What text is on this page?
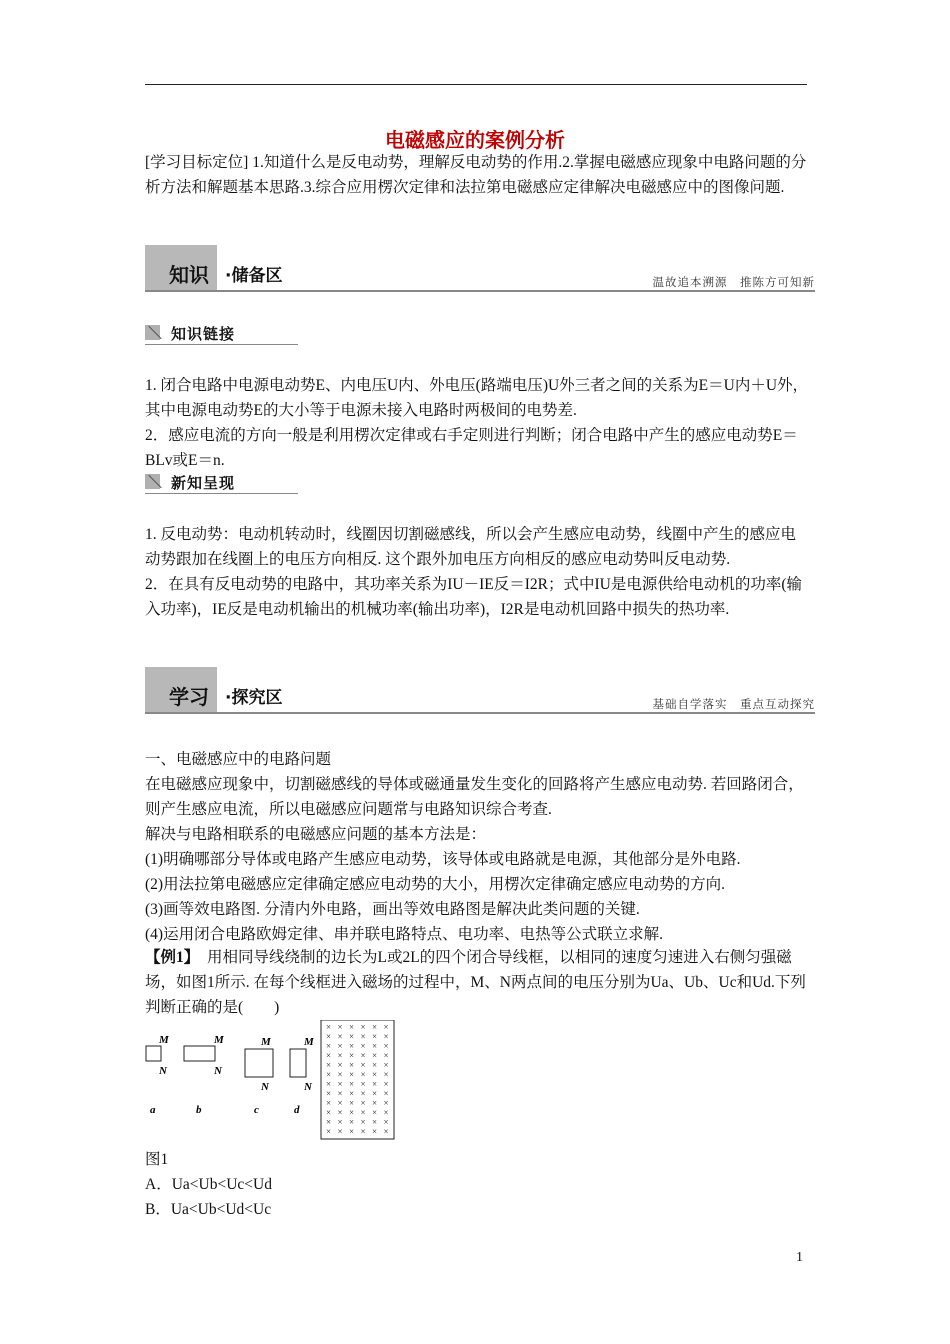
电磁感应的案例分析
[学习目标定位] 1.知道什么是反电动势，理解反电动势的作用.2.掌握电磁感应现象中电路问题的分析方法和解题基本思路.3.综合应用楞次定律和法拉第电磁感应定律解决电磁感应中的图像问题.
知识 ·储备区	温故追本溯源　推陈方可知新
知识链接
1. 闭合电路中电源电动势E、内电压U内、外电压(路端电压)U外三者之间的关系为E＝U内＋U外，其中电源电动势E的大小等于电源未接入电路时两极间的电势差.
2．感应电流的方向一般是利用楞次定律或右手定则进行判断；闭合电路中产生的感应电动势E＝BLv或E＝n.
新知呈现
1. 反电动势：电动机转动时，线圈因切割磁感线，所以会产生感应电动势，线圈中产生的感应电动势跟加在线圈上的电压方向相反. 这个跟外加电压方向相反的感应电动势叫反电动势.
2．在具有反电动势的电路中，其功率关系为IU－IE反＝I2R；式中IU是电源供给电动机的功率(输入功率)，IE反是电动机输出的机械功率(输出功率)，I2R是电动机回路中损失的热功率.
学习 ·探究区	基础自学落实　重点互动探究
一、电磁感应中的电路问题
在电磁感应现象中，切割磁感线的导体或磁通量发生变化的回路将产生感应电动势. 若回路闭合，则产生感应电流，所以电磁感应问题常与电路知识综合考查.
解决与电路相联系的电磁感应问题的基本方法是：
(1)明确哪部分导体或电路产生感应电动势，该导体或电路就是电源，其他部分是外电路.
(2)用法拉第电磁感应定律确定感应电动势的大小，用楞次定律确定感应电动势的方向.
(3)画等效电路图. 分清内外电路，画出等效电路图是解决此类问题的关键.
(4)运用闭合电路欧姆定律、串并联电路特点、电功率、电热等公式联立求解.
【例1】　 用相同导线绕制的边长为L或2L的四个闭合导线框，以相同的速度匀速进入右侧匀强磁场，如图1所示. 在每个线框进入磁场的过程中，M、N两点间的电压分别为Ua、Ub、Uc和Ud.下列判断正确的是(　　)
M
N
a
M
N
b
M
N
c
M
N
d
× × × × × ×
× × × × × ×
× × × × × ×
× × × × × ×
× × × × × ×
× × × × × ×
× × × × × ×
× × × × × ×
× × × × × ×
× × × × × ×
× × × × × ×
× × × × × ×
图1
A．Ua<Ub<Uc<Ud
B．Ua<Ub<Ud<Uc
1
